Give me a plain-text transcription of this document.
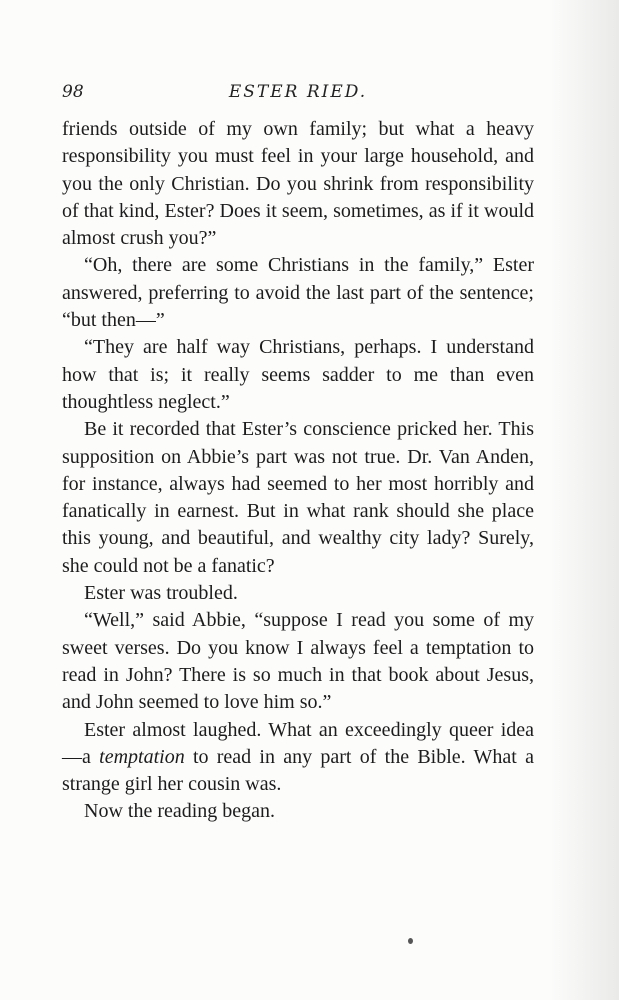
98	ESTER RIED.

friends outside of my own family; but what a heavy responsibility you must feel in your large household, and you the only Christian. Do you shrink from responsibility of that kind, Ester? Does it seem, sometimes, as if it would almost crush you?”

“Oh, there are some Christians in the family,” Ester answered, preferring to avoid the last part of the sentence; “but then—”

“They are half way Christians, perhaps. I understand how that is; it really seems sadder to me than even thoughtless neglect.”

Be it recorded that Ester’s conscience pricked her. This supposition on Abbie’s part was not true. Dr. Van Anden, for instance, always had seemed to her most horribly and fanatically in earnest. But in what rank should she place this young, and beautiful, and wealthy city lady? Surely, she could not be a fanatic?

Ester was troubled.

“Well,” said Abbie, “suppose I read you some of my sweet verses. Do you know I always feel a temptation to read in John? There is so much in that book about Jesus, and John seemed to love him so.”

Ester almost laughed. What an exceedingly queer idea—a temptation to read in any part of the Bible. What a strange girl her cousin was.

Now the reading began.
